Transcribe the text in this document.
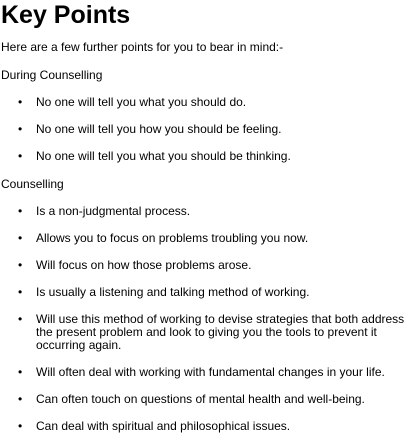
Key Points

Here are a few further points for you to bear in mind:-

During Counselling

• No one will tell you what you should do.
• No one will tell you how you should be feeling.
• No one will tell you what you should be thinking.

Counselling

• Is a non-judgmental process.
• Allows you to focus on problems troubling you now.
• Will focus on how those problems arose.
• Is usually a listening and talking method of working.
• Will use this method of working to devise strategies that both address the present problem and look to giving you the tools to prevent it occurring again.
• Will often deal with working with fundamental changes in your life.
• Can often touch on questions of mental health and well-being.
• Can deal with spiritual and philosophical issues.
